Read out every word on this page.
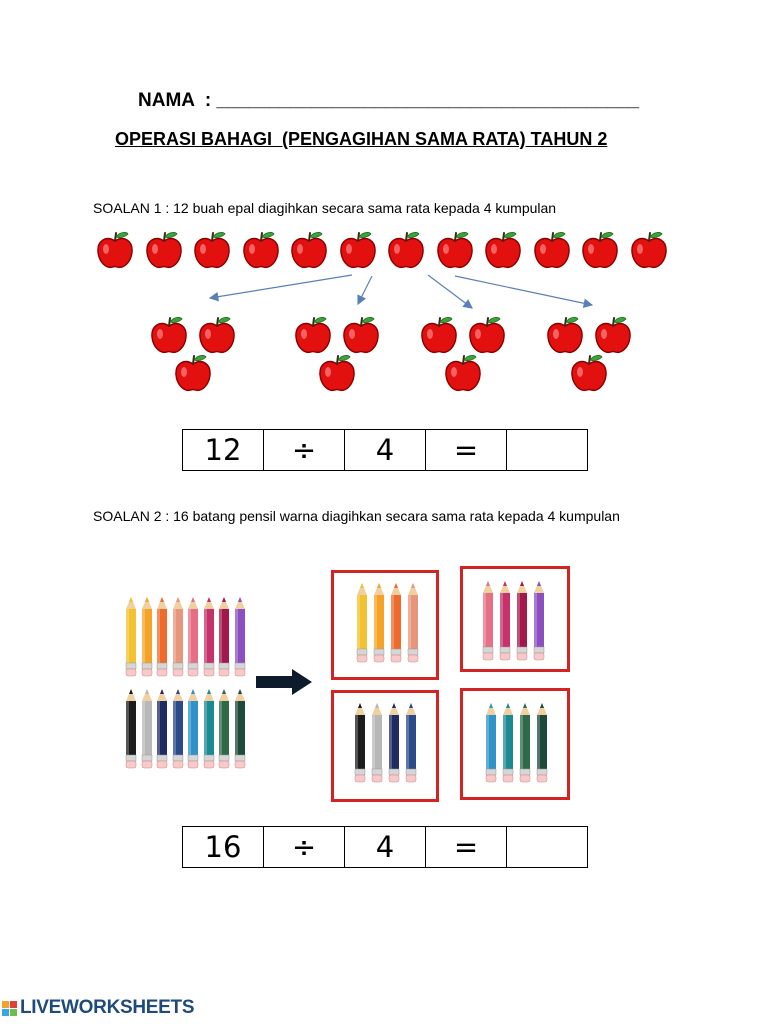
NAMA  : ________________________________________
OPERASI BAHAGI  (PENGAGIHAN SAMA RATA) TAHUN 2
SOALAN 1 : 12 buah epal diagihkan secara sama rata kepada 4 kumpulan
12	÷	4	=
SOALAN 2 : 16 batang pensil warna diagihkan secara sama rata kepada 4 kumpulan
16	÷	4	=
LIVEWORKSHEETS
